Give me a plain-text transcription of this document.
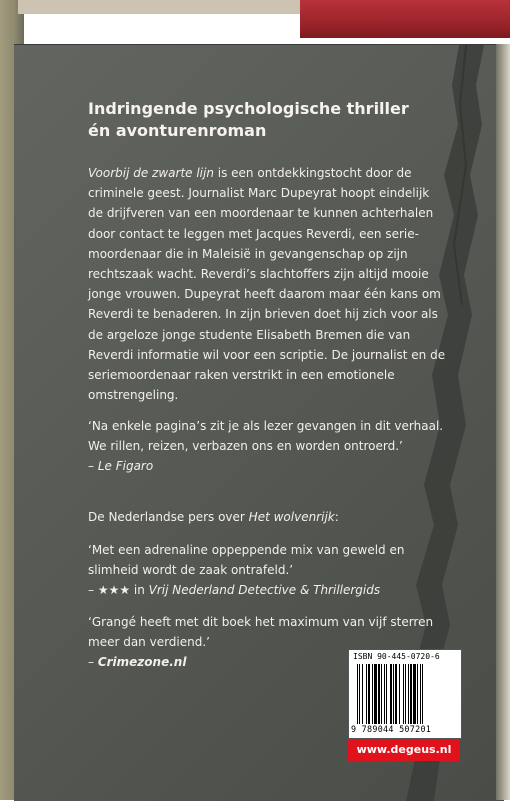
Indringende psychologische thriller
én avonturenroman
Voorbij de zwarte lijn is een ontdekkingstocht door de criminele geest. Journalist Marc Dupeyrat hoopt eindelijk de drijfveren van een moordenaar te kunnen achterhalen door contact te leggen met Jacques Reverdi, een serie-moordenaar die in Maleisië in gevangenschap op zijn rechtszaak wacht. Reverdi’s slachtoffers zijn altijd mooie jonge vrouwen. Dupeyrat heeft daarom maar één kans om Reverdi te benaderen. In zijn brieven doet hij zich voor als de argeloze jonge studente Elisabeth Bremen die van Reverdi informatie wil voor een scriptie. De journalist en de seriemoordenaar raken verstrikt in een emotionele omstrengeling.
‘Na enkele pagina’s zit je als lezer gevangen in dit verhaal. We rillen, reizen, verbazen ons en worden ontroerd.’
– Le Figaro
De Nederlandse pers over Het wolvenrijk:
‘Met een adrenaline oppeppende mix van geweld en slimheid wordt de zaak ontrafeld.’
– ★★★ in Vrij Nederland Detective & Thrillergids
‘Grangé heeft met dit boek het maximum van vijf sterren meer dan verdiend.’
– Crimezone.nl	ISBN 90-445-0720-6
9 789044 507201
www.degeus.nl
